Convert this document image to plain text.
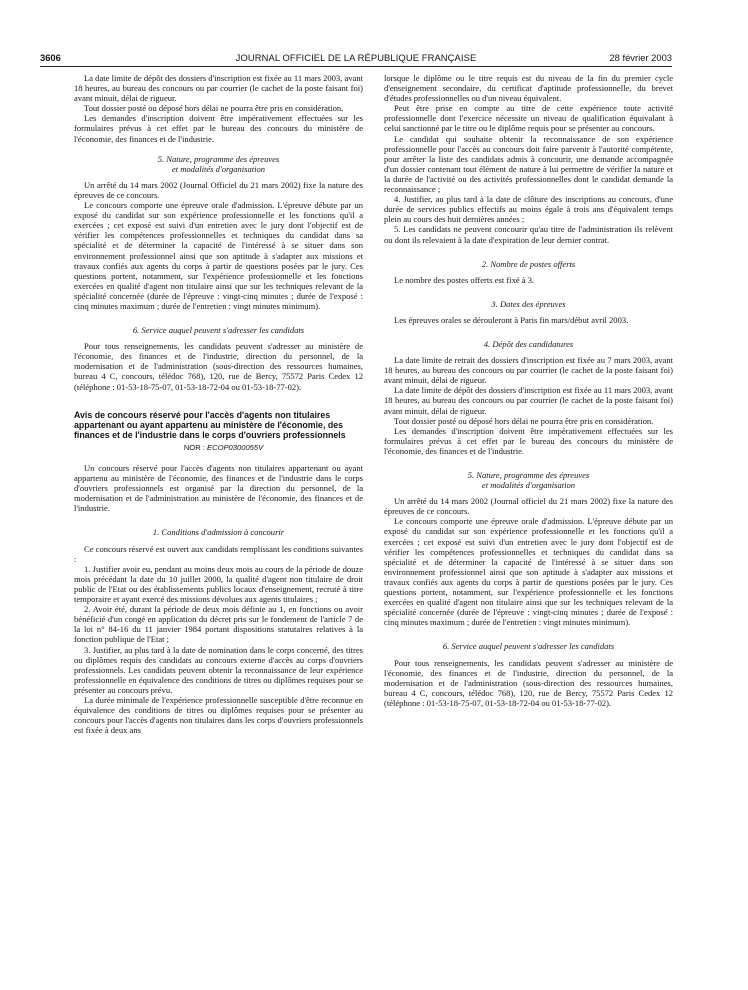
3606	JOURNAL OFFICIEL DE LA RÉPUBLIQUE FRANÇAISE	28 février 2003

La date limite de dépôt des dossiers d'inscription est fixée au 11 mars 2003, avant 18 heures, au bureau des concours ou par courrier (le cachet de la poste faisant foi) avant minuit, délai de rigueur.

Tout dossier posté ou déposé hors délai ne pourra être pris en considération.

Les demandes d'inscription doivent être impérativement effectuées sur les formulaires prévus à cet effet par le bureau des concours du ministère de l'économie, des finances et de l'industrie.

5. Nature, programme des épreuves

et modalités d'organisation

Un arrêté du 14 mars 2002 (Journal Officiel du 21 mars 2002) fixe la nature des épreuves de ce concours.

Le concours comporte une épreuve orale d'admission. L'épreuve débute par un exposé du candidat sur son expérience professionnelle et les fonctions qu'il a exercées ; cet exposé est suivi d'un entretien avec le jury dont l'objectif est de vérifier les compétences professionnelles et techniques du candidat dans sa spécialité et de déterminer la capacité de l'intéressé à se situer dans son environnement professionnel ainsi que son aptitude à s'adapter aux missions et travaux confiés aux agents du corps à partir de questions posées par le jury. Ces questions portent, notamment, sur l'expérience professionnelle et les fonctions exercées en qualité d'agent non titulaire ainsi que sur les techniques relevant de la spécialité concernée (durée de l'épreuve : vingt-cinq minutes ; durée de l'exposé : cinq minutes maximum ; durée de l'entretien : vingt minutes minimum).

6. Service auquel peuvent s'adresser les candidats

Pour tous renseignements, les candidats peuvent s'adresser au ministère de l'économie, des finances et de l'industrie, direction du personnel, de la modernisation et de l'administration (sous-direction des ressources humaines, bureau 4 C, concours, télédoc 768), 120, rue de Bercy, 75572 Paris Cedex 12 (téléphone : 01-53-18-75-07, 01-53-18-72-04 ou 01-53-18-77-02).

Avis de concours réservé pour l'accès d'agents non titulaires appartenant ou ayant appartenu au ministère de l'économie, des finances et de l'industrie dans le corps d'ouvriers professionnels

NOR : ECOP0300055V

Un concours réservé pour l'accès d'agents non titulaires appartenant ou ayant appartenu au ministère de l'économie, des finances et de l'industrie dans le corps d'ouvriers professionnels est organisé par la direction du personnel, de la modernisation et de l'administration au ministère de l'économie, des finances et de l'industrie.

1. Conditions d'admission à concourir

Ce concours réservé est ouvert aux candidats remplissant les conditions suivantes :

1. Justifier avoir eu, pendant au moins deux mois au cours de la période de douze mois précédant la date du 10 juillet 2000, la qualité d'agent non titulaire de droit public de l'Etat ou des établissements publics locaux d'enseignement, recruté à titre temporaire et ayant exercé des missions dévolues aux agents titulaires ;

2. Avoir été, durant la période de deux mois définie au 1, en fonctions ou avoir bénéficié d'un congé en application du décret pris sur le fondement de l'article 7 de la loi n° 84-16 du 11 janvier 1984 portant dispositions statutaires relatives à la fonction publique de l'Etat ;

3. Justifier, au plus tard à la date de nomination dans le corps concerné, des titres ou diplômes requis des candidats au concours externe d'accès au corps d'ouvriers professionnels. Les candidats peuvent obtenir la reconnaissance de leur expérience professionnelle en équivalence des conditions de titres ou diplômes requises pour se présenter au concours prévu.

La durée minimale de l'expérience professionnelle susceptible d'être reconnue en équivalence des conditions de titres ou diplômes requises pour se présenter au concours pour l'accès d'agents non titulaires dans les corps d'ouvriers professionnels est fixée à deux ans

lorsque le diplôme ou le titre requis est du niveau de la fin du premier cycle d'enseignement secondaire, du certificat d'aptitude professionnelle, du brevet d'études professionnelles ou d'un niveau équivalent.

Peut être prise en compte au titre de cette expérience toute activité professionnelle dont l'exercice nécessite un niveau de qualification équivalant à celui sanctionné par le titre ou le diplôme requis pour se présenter au concours.

Le candidat qui souhaite obtenir la reconnaissance de son expérience professionnelle pour l'accès au concours doit faire parvenir à l'autorité compétente, pour arrêter la liste des candidats admis à concourir, une demande accompagnée d'un dossier contenant tout élément de nature à lui permettre de vérifier la nature et la durée de l'activité ou des activités professionnelles dont le candidat demande la reconnaissance ;

4. Justifier, au plus tard à la date de clôture des inscriptions au concours, d'une durée de services publics effectifs au moins égale à trois ans d'équivalent temps plein au cours des huit dernières années ;

5. Les candidats ne peuvent concourir qu'au titre de l'administration ils relèvent ou dont ils relevaient à la date d'expiration de leur dernier contrat.

2. Nombre de postes offerts

Le nombre des postes offerts est fixé à 3.

3. Dates des épreuves

Les épreuves orales se dérouleront à Paris fin mars/début avril 2003.

4. Dépôt des candidatures

La date limite de retrait des dossiers d'inscription est fixée au 7 mars 2003, avant 18 heures, au bureau des concours ou par courrier (le cachet de la poste faisant foi) avant minuit, délai de rigueur.

La date limite de dépôt des dossiers d'inscription est fixée au 11 mars 2003, avant 18 heures, au bureau des concours ou par courrier (le cachet de la poste faisant foi) avant minuit, délai de rigueur.

Tout dossier posté ou déposé hors délai ne pourra être pris en considération.

Les demandes d'inscription doivent être impérativement effectuées sur les formulaires prévus à cet effet par le bureau des concours du ministère de l'économie, des finances et de l'industrie.

5. Nature, programme des épreuves

et modalités d'organisation

Un arrêté du 14 mars 2002 (Journal officiel du 21 mars 2002) fixe la nature des épreuves de ce concours.

Le concours comporte une épreuve orale d'admission. L'épreuve débute par un exposé du candidat sur son expérience professionnelle et les fonctions qu'il a exercées ; cet exposé est suivi d'un entretien avec le jury dont l'objectif est de vérifier les compétences professionnelles et techniques du candidat dans sa spécialité et de déterminer la capacité de l'intéressé à se situer dans son environnement professionnel ainsi que son aptitude à s'adapter aux missions et travaux confiés aux agents du corps à partir de questions posées par le jury. Ces questions portent, notamment, sur l'expérience professionnelle et les fonctions exercées en qualité d'agent non titulaire ainsi que sur les techniques relevant de la spécialité concernée (durée de l'épreuve : vingt-cinq minutes ; durée de l'exposé : cinq minutes maximum ; durée de l'entretien : vingt minutes minimum).

6. Service auquel peuvent s'adresser les candidats

Pour tous renseignements, les candidats peuvent s'adresser au ministère de l'économie, des finances et de l'industrie, direction du personnel, de la modernisation et de l'administration (sous-direction des ressources humaines, bureau 4 C, concours, télédoc 768), 120, rue de Bercy, 75572 Paris Cedex 12 (téléphone : 01-53-18-75-07, 01-53-18-72-04 ou 01-53-18-77-02).
